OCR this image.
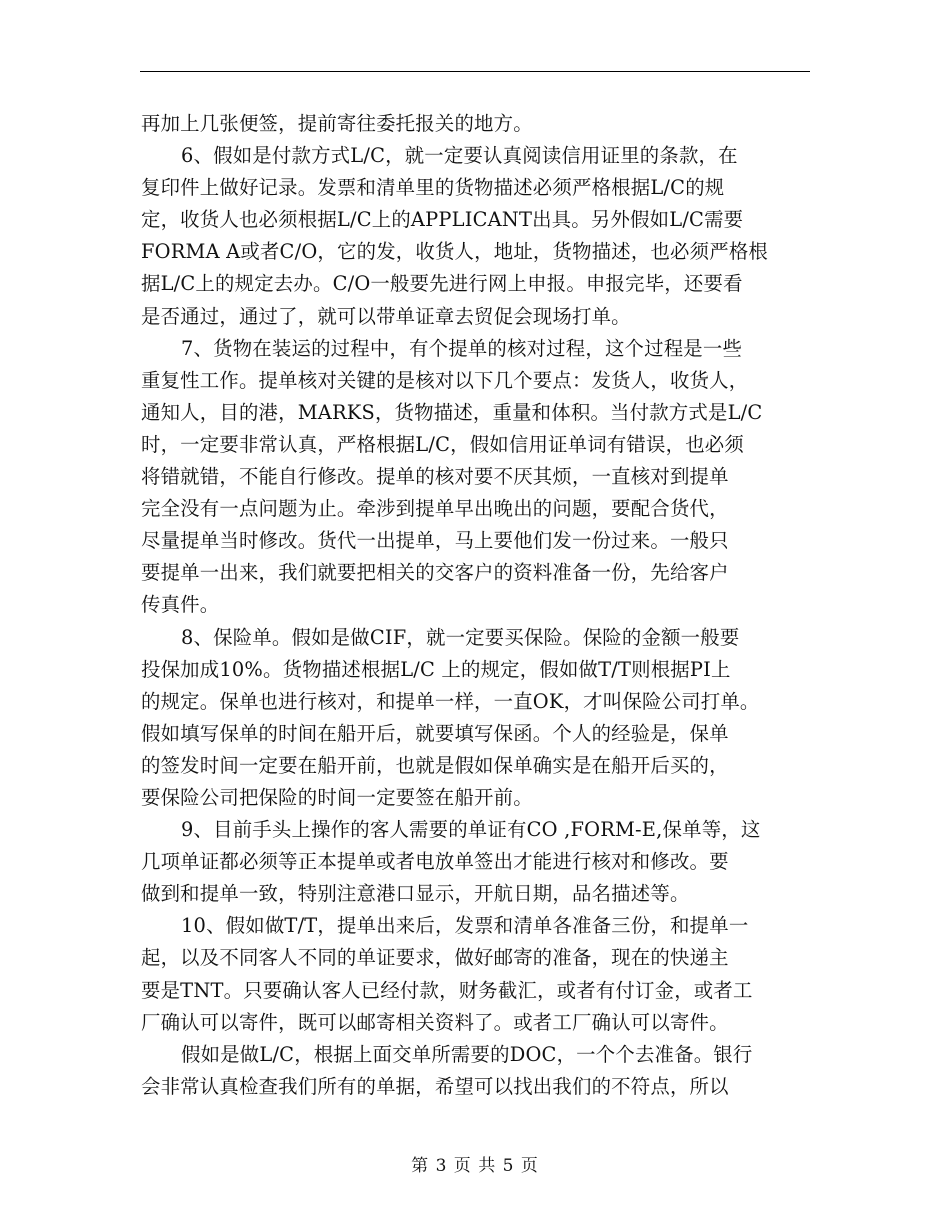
再加上几张便签，提前寄往委托报关的地方。
6、假如是付款方式L/C，就一定要认真阅读信用证里的条款，在
复印件上做好记录。发票和清单里的货物描述必须严格根据L/C的规
定，收货人也必须根据L/C上的APPLICANT出具。另外假如L/C需要
FORMA A或者C/O，它的发，收货人，地址，货物描述，也必须严格根
据L/C上的规定去办。C/O一般要先进行网上申报。申报完毕，还要看
是否通过，通过了，就可以带单证章去贸促会现场打单。
7、货物在装运的过程中，有个提单的核对过程，这个过程是一些
重复性工作。提单核对关键的是核对以下几个要点：发货人，收货人，
通知人，目的港，MARKS，货物描述，重量和体积。当付款方式是L/C
时，一定要非常认真，严格根据L/C，假如信用证单词有错误，也必须
将错就错，不能自行修改。提单的核对要不厌其烦，一直核对到提单
完全没有一点问题为止。牵涉到提单早出晚出的问题，要配合货代，
尽量提单当时修改。货代一出提单，马上要他们发一份过来。一般只
要提单一出来，我们就要把相关的交客户的资料准备一份，先给客户
传真件。
8、保险单。假如是做CIF，就一定要买保险。保险的金额一般要
投保加成10%。货物描述根据L/C 上的规定，假如做T/T则根据PI上
的规定。保单也进行核对，和提单一样，一直OK，才叫保险公司打单。
假如填写保单的时间在船开后，就要填写保函。个人的经验是，保单
的签发时间一定要在船开前，也就是假如保单确实是在船开后买的，
要保险公司把保险的时间一定要签在船开前。
9、目前手头上操作的客人需要的单证有CO ,FORM-E,保单等，这
几项单证都必须等正本提单或者电放单签出才能进行核对和修改。要
做到和提单一致，特别注意港口显示，开航日期，品名描述等。
10、假如做T/T，提单出来后，发票和清单各准备三份，和提单一
起，以及不同客人不同的单证要求，做好邮寄的准备，现在的快递主
要是TNT。只要确认客人已经付款，财务截汇，或者有付订金，或者工
厂确认可以寄件，既可以邮寄相关资料了。或者工厂确认可以寄件。
假如是做L/C，根据上面交单所需要的DOC，一个个去准备。银行
会非常认真检查我们所有的单据，希望可以找出我们的不符点，所以
第 3 页 共 5 页
